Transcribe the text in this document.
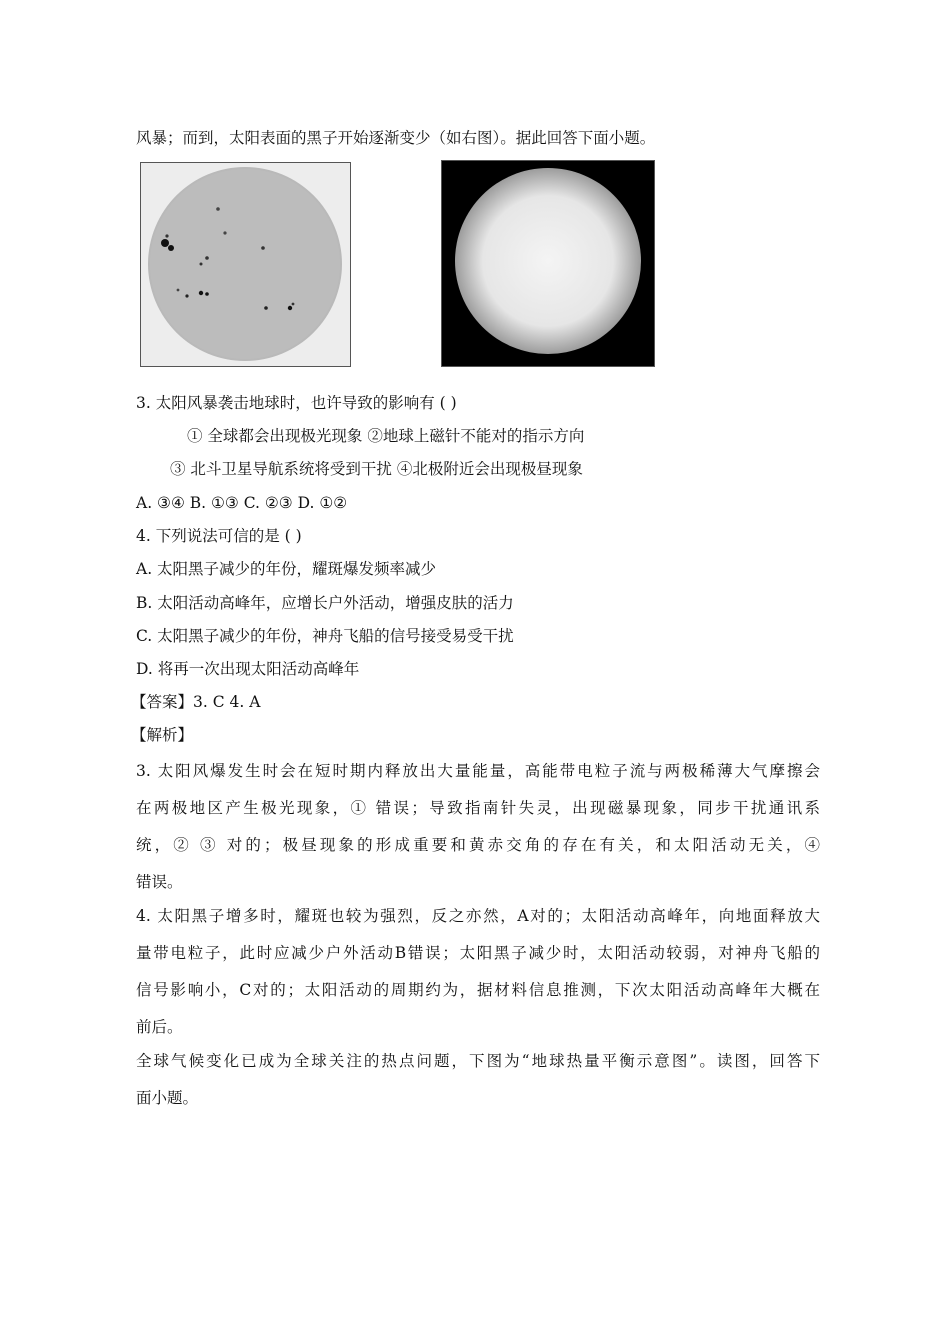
风暴；而到，太阳表面的黑子开始逐渐变少（如右图）。据此回答下面小题。
3. 太阳风暴袭击地球时，也许导致的影响有 ( )
① 全球都会出现极光现象 ②地球上磁针不能对的指示方向
③ 北斗卫星导航系统将受到干扰 ④北极附近会出现极昼现象
A. ③④ B. ①③ C. ②③ D. ①②
4. 下列说法可信的是 ( )
A. 太阳黑子减少的年份，耀斑爆发频率减少
B. 太阳活动高峰年，应增长户外活动，增强皮肤的活力
C. 太阳黑子减少的年份，神舟飞船的信号接受易受干扰
D. 将再一次出现太阳活动高峰年
【答案】3. C 4. A
【解析】
3. 太阳风爆发生时会在短时期内释放出大量能量，高能带电粒子流与两极稀薄大气摩擦会
在两极地区产生极光现象，① 错误；导致指南针失灵，出现磁暴现象，同步干扰通讯系
统，② ③ 对的；极昼现象的形成重要和黄赤交角的存在有关，和太阳活动无关，④
错误。
4. 太阳黑子增多时，耀斑也较为强烈，反之亦然，A对的；太阳活动高峰年，向地面释放大
量带电粒子，此时应减少户外活动B错误；太阳黑子减少时，太阳活动较弱，对神舟飞船的
信号影响小，C对的；太阳活动的周期约为，据材料信息推测，下次太阳活动高峰年大概在
前后。
全球气候变化已成为全球关注的热点问题，下图为“地球热量平衡示意图”。读图，回答下
面小题。
